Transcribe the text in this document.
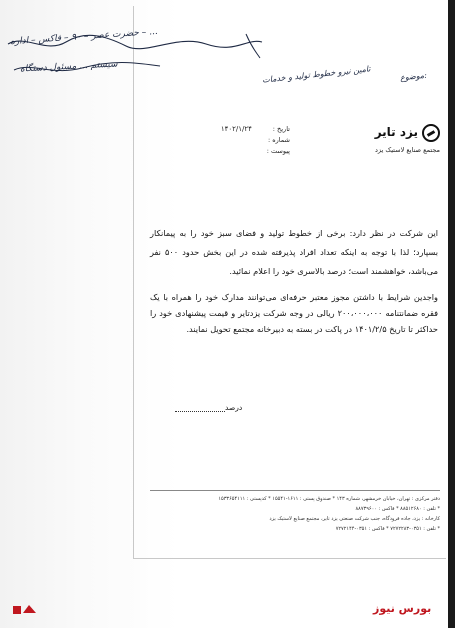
حضرت عصر – ۹۰ – فاکس – اداره – ...
سیستم ... مسئول دستگاه	تامین نیرو خطوط تولید و خدمات	موضوع:
یزد تایر
مجتمع صنایع لاستیک یزد
تاریخ : ۱۴۰۲/۱/۲۴
شماره :
پیوست :

این شرکت در نظر دارد: برخی از خطوط تولید و فضای سبز خود را به پیمانکار بسپارد؛ لذا با توجه به اینکه تعداد افراد پذیرفته شده در این بخش حدود ۵۰۰ نفر می‌باشد، خواهشمند است؛ درصد بالاسری خود را اعلام نمائید.

واجدین شرایط با داشتن مجوز معتبر حرفه‌ای می‌توانند مدارک خود را همراه با یک فقره ضمانتنامه ۲۰۰،۰۰۰،۰۰۰ ریالی در وجه شرکت یزدتایر و قیمت پیشنهادی خود را حداکثر تا تاریخ ۱۴۰۱/۲/۵ در پاکت در بسته به دبیرخانه مجتمع تحویل نمایند.

درصد
دفتر مرکزی : تهران، خیابان خرمشهر، شماره ۱۴۳ * صندوق پستی : ۱۶۱۱-۱۵۵۴۱ * کدپستی : ۱۵۳۳۶۵۴۱۱۱
* تلفن : ۸۸۵۱۲۶۸۰ * فاکس : ۸۸۷۳۹۶۰۰
کارخانه : یزد، جاده فرودگاه، جنب شرکت صنعتی یزد تایر، مجتمع صنایع لاستیک یزد
* تلفن : ۰۳۵۱-۷۲۷۲۲۸۳ * فاکس : ۰۳۵۱-۷۲۷۲۱۴۴
بورس نیوز
